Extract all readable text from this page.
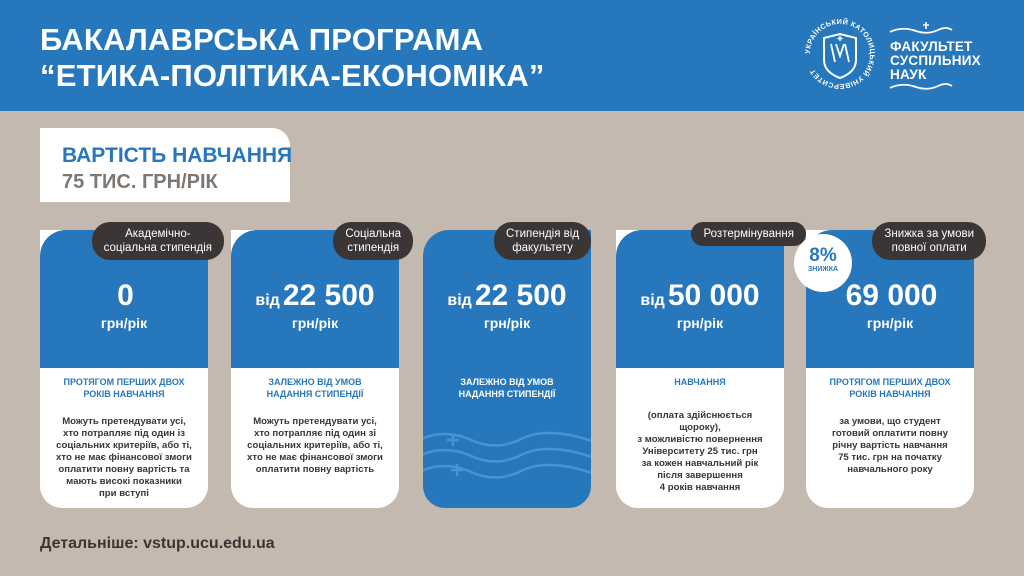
БАКАЛАВРСЬКА ПРОГРАМА
“ЕТИКА-ПОЛІТИКА-ЕКОНОМІКА”
УКРАЇНСЬКИЙ КАТОЛИЦЬКИЙ УНІВЕРСИТЕТ
ФАКУЛЬТЕТ
СУСПІЛЬНИХ
НАУК
ВАРТІСТЬ НАВЧАННЯ
75 ТИС. ГРН/РІК
Академічно-
соціальна стипендія
0
грн/рік
ПРОТЯГОМ ПЕРШИХ ДВОХ
РОКІВ НАВЧАННЯ
Можуть претендувати усі,
хто потрапляє під один із
соціальних критеріїв, або ті,
хто не має фінансової змоги
оплатити повну вартість та
мають високі показники
при вступі
Соціальна
стипендія
від 22 500
грн/рік
ЗАЛЕЖНО ВІД УМОВ
НАДАННЯ СТИПЕНДІЇ
Можуть претендувати усі,
хто потрапляє під один зі
соціальних критеріїв, або ті,
хто не має фінансової змоги
оплатити повну вартість
від 22 500
грн/рік
ЗАЛЕЖНО ВІД УМОВ
НАДАННЯ СТИПЕНДІЇ
Стипендія від
факультету
Розтермінування
від 50 000
грн/рік
НАВЧАННЯ
(оплата здійснюється щороку),
з можливістю повернення
Університету 25 тис. грн
за кожен навчальний рік
після завершення
4 років навчання
Знижка за умови
повної оплати
69 000
грн/рік
ПРОТЯГОМ ПЕРШИХ ДВОХ
РОКІВ НАВЧАННЯ
за умови, що студент
готовий оплатити повну
річну вартість навчання
75 тис. грн на початку
навчального року
8%
ЗНИЖКА
Детальніше: vstup.ucu.edu.ua
